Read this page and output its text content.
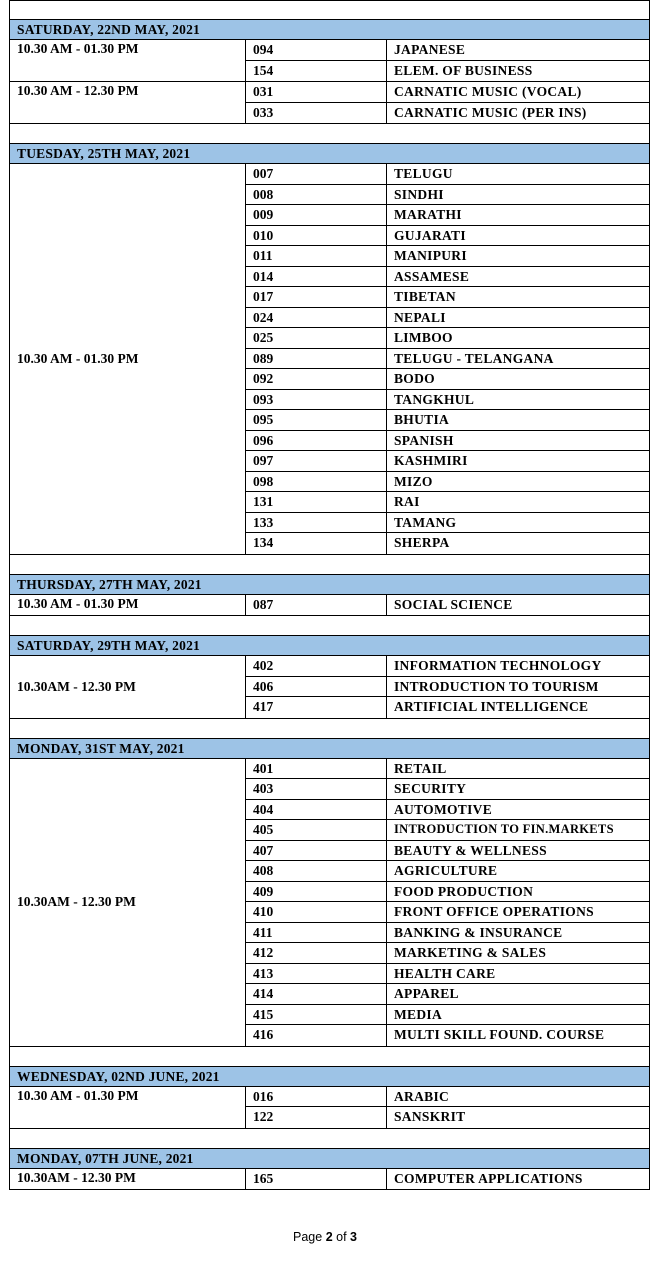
SATURDAY, 22ND MAY, 2021
10.30 AM - 01.30 PM	094	JAPANESE
154	ELEM. OF BUSINESS
10.30 AM - 12.30 PM	031	CARNATIC MUSIC (VOCAL)
033	CARNATIC MUSIC (PER INS)
TUESDAY, 25TH MAY, 2021
10.30 AM - 01.30 PM
007	TELUGU
008	SINDHI
009	MARATHI
010	GUJARATI
011	MANIPURI
014	ASSAMESE
017	TIBETAN
024	NEPALI
025	LIMBOO
089	TELUGU - TELANGANA
092	BODO
093	TANGKHUL
095	BHUTIA
096	SPANISH
097	KASHMIRI
098	MIZO
131	RAI
133	TAMANG
134	SHERPA
THURSDAY, 27TH MAY, 2021
10.30 AM - 01.30 PM	087	SOCIAL SCIENCE
SATURDAY, 29TH MAY, 2021
10.30AM - 12.30 PM
402	INFORMATION TECHNOLOGY
406	INTRODUCTION TO TOURISM
417	ARTIFICIAL INTELLIGENCE
MONDAY, 31ST MAY, 2021
10.30AM - 12.30 PM
401	RETAIL
403	SECURITY
404	AUTOMOTIVE
405	INTRODUCTION TO FIN.MARKETS
407	BEAUTY & WELLNESS
408	AGRICULTURE
409	FOOD PRODUCTION
410	FRONT OFFICE OPERATIONS
411	BANKING & INSURANCE
412	MARKETING & SALES
413	HEALTH CARE
414	APPAREL
415	MEDIA
416	MULTI SKILL FOUND. COURSE
WEDNESDAY, 02ND JUNE, 2021
10.30 AM - 01.30 PM	016	ARABIC
122	SANSKRIT
MONDAY, 07TH JUNE, 2021
10.30AM - 12.30 PM	165	COMPUTER APPLICATIONS
Page 2 of 3
